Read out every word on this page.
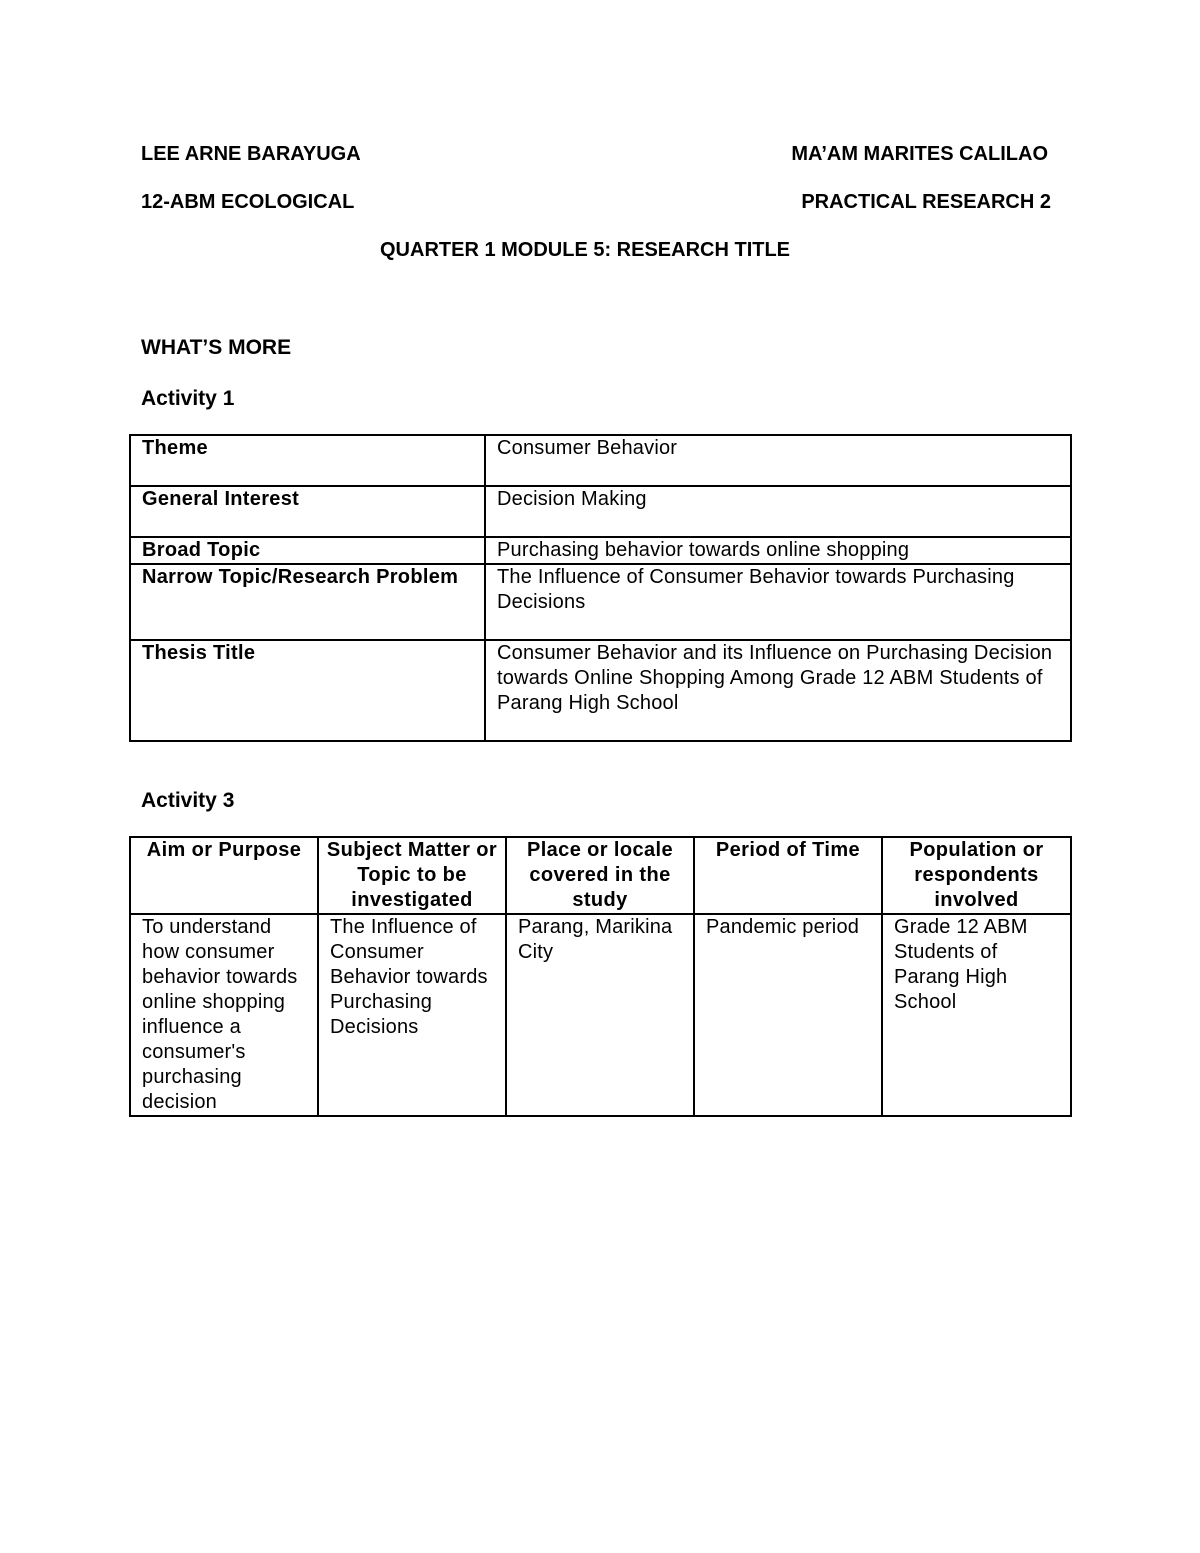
LEE ARNE BARAYUGA	MA’AM MARITES CALILAO
12-ABM ECOLOGICAL	PRACTICAL RESEARCH 2
QUARTER 1 MODULE 5: RESEARCH TITLE
WHAT’S MORE
Activity 1
Theme	Consumer Behavior
General Interest	Decision Making
Broad Topic	Purchasing behavior towards online shopping
Narrow Topic/Research Problem	The Influence of Consumer Behavior towards Purchasing Decisions
Thesis Title	Consumer Behavior and its Influence on Purchasing Decision towards Online Shopping Among Grade 12 ABM Students of Parang High School
Activity 3
Aim or Purpose	Subject Matter or Topic to be investigated	Place or locale covered in the study	Period of Time	Population or respondents involved
To understand how consumer behavior towards online shopping influence a consumer's purchasing decision	The Influence of Consumer Behavior towards Purchasing Decisions	Parang, Marikina City	Pandemic period	Grade 12 ABM Students of Parang High School
